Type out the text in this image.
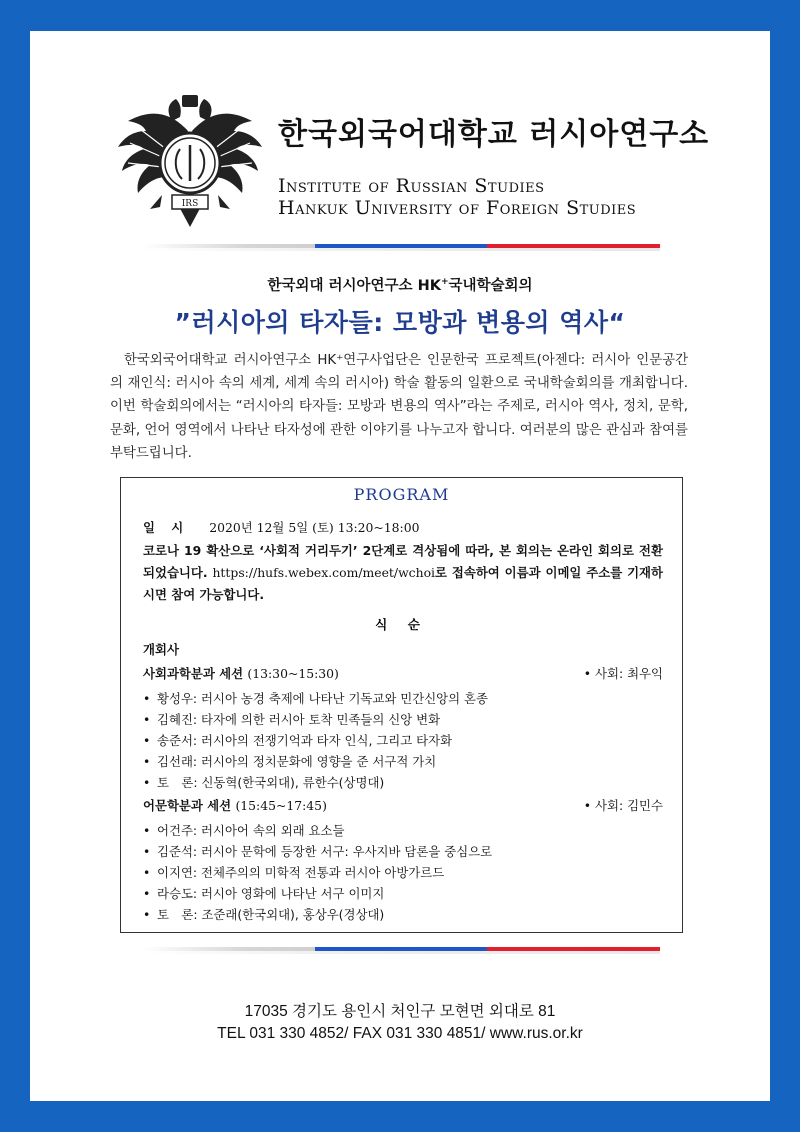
IRS
한국외국어대학교 러시아연구소
Institute of Russian Studies
Hankuk University of Foreign Studies
한국외대 러시아연구소 HK+국내학술회의
”러시아의 타자들: 모방과 변용의 역사“

한국외국어대학교 러시아연구소 HK⁺연구사업단은 인문한국 프로젝트(아젠다: 러시아 인문공간의 재인식: 러시아 속의 세계, 세계 속의 러시아) 학술 활동의 일환으로 국내학술회의를 개최합니다. 이번 학술회의에서는 “러시아의 타자들: 모방과 변용의 역사”라는 주제로, 러시아 역사, 정치, 문학, 문화, 언어 영역에서 나타난 타자성에 관한 이야기를 나누고자 합니다. 여러분의 많은 관심과 참여를 부탁드립니다.

PROGRAM
일 시 2020년 12월 5일 (토) 13:20~18:00

코로나 19 확산으로 ‘사회적 거리두기’ 2단계로 격상됨에 따라, 본 회의는 온라인 회의로 전환되었습니다. https://hufs.webex.com/meet/wchoi로 접속하여 이름과 이메일 주소를 기재하시면 참여 가능합니다.

식 순
개회사
사회과학분과 세션 (13:30~15:30)	• 사회: 최우익
• 황성우: 러시아 농경 축제에 나타난 기독교와 민간신앙의 혼종
• 김혜진: 타자에 의한 러시아 토착 민족들의 신앙 변화
• 송준서: 러시아의 전쟁기억과 타자 인식, 그리고 타자화
• 김선래: 러시아의 정치문화에 영향을 준 서구적 가치
• 토　론: 신동혁(한국외대), 류한수(상명대)
어문학분과 세션 (15:45~17:45)	• 사회: 김민수
• 어건주: 러시아어 속의 외래 요소들
• 김준석: 러시아 문학에 등장한 서구: 우사지바 담론을 중심으로
• 이지연: 전체주의의 미학적 전통과 러시아 아방가르드
• 라승도: 러시아 영화에 나타난 서구 이미지
• 토　론: 조준래(한국외대), 홍상우(경상대)
17035 경기도 용인시 처인구 모현면 외대로 81
TEL 031 330 4852/ FAX 031 330 4851/ www.rus.or.kr
